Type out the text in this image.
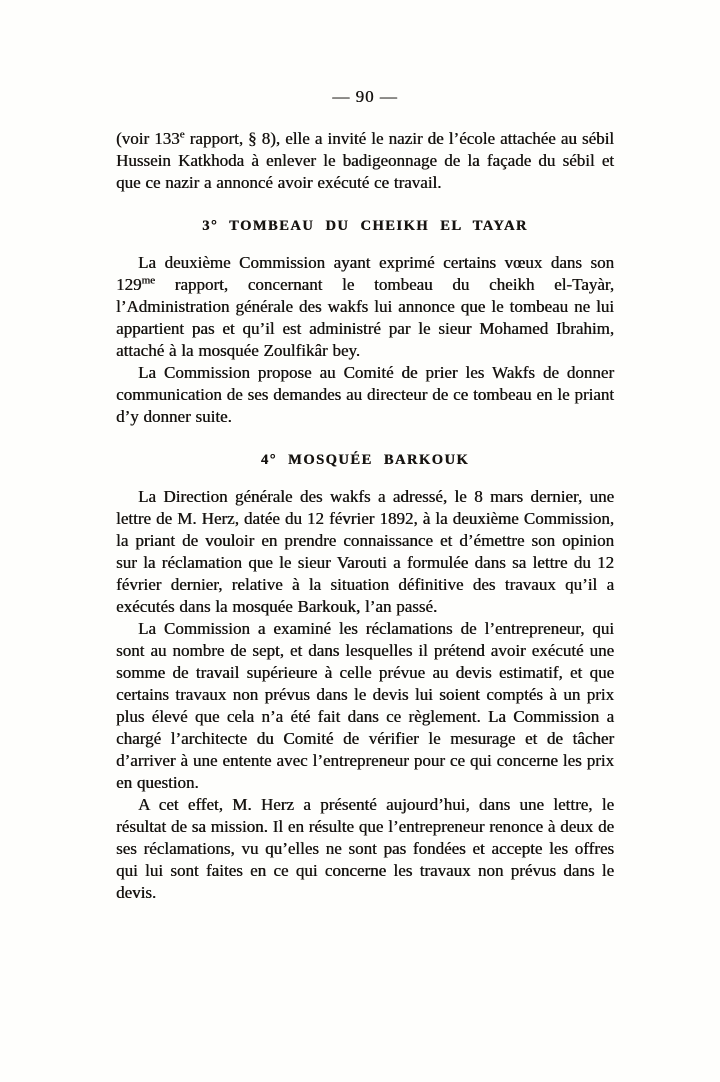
— 90 —

(voir 133e rapport, § 8), elle a invité le nazir de l’école attachée au sébil Hussein Katkhoda à enlever le badigeonnage de la façade du sébil et que ce nazir a annoncé avoir exécuté ce travail.

3° TOMBEAU DU CHEIKH EL TAYAR

La deuxième Commission ayant exprimé certains vœux dans son $129^{me}$ rapport, concernant le tombeau du cheikh el-Tayàr, l’Administration générale des wakfs lui annonce que le tombeau ne lui appartient pas et qu’il est administré par le sieur Mohamed Ibrahim, attaché à la mosquée Zoulfikâr bey.

La Commission propose au Comité de prier les Wakfs de donner communication de ses demandes au directeur de ce tombeau en le priant d’y donner suite.

4° MOSQUÉE BARKOUK

La Direction générale des wakfs a adressé, le 8 mars dernier, une lettre de M. Herz, datée du 12 février 1892, à la deuxième Commission, la priant de vouloir en prendre connaissance et d’émettre son opinion sur la réclamation que le sieur Varouti a formulée dans sa lettre du 12 février dernier, relative à la situation définitive des travaux qu’il a exécutés dans la mosquée Barkouk, l’an passé.

La Commission a examiné les réclamations de l’entrepreneur, qui sont au nombre de sept, et dans lesquelles il prétend avoir exécuté une somme de travail supérieure à celle prévue au devis estimatif, et que certains travaux non prévus dans le devis lui soient comptés à un prix plus élevé que cela n’a été fait dans ce règlement. La Commission a chargé l’architecte du Comité de vérifier le mesurage et de tâcher d’arriver à une entente avec l’entrepreneur pour ce qui concerne les prix en question.

A cet effet, M. Herz a présenté aujourd’hui, dans une lettre, le résultat de sa mission. Il en résulte que l’entrepreneur renonce à deux de ses réclamations, vu qu’elles ne sont pas fondées et accepte les offres qui lui sont faites en ce qui concerne les travaux non prévus dans le devis.
